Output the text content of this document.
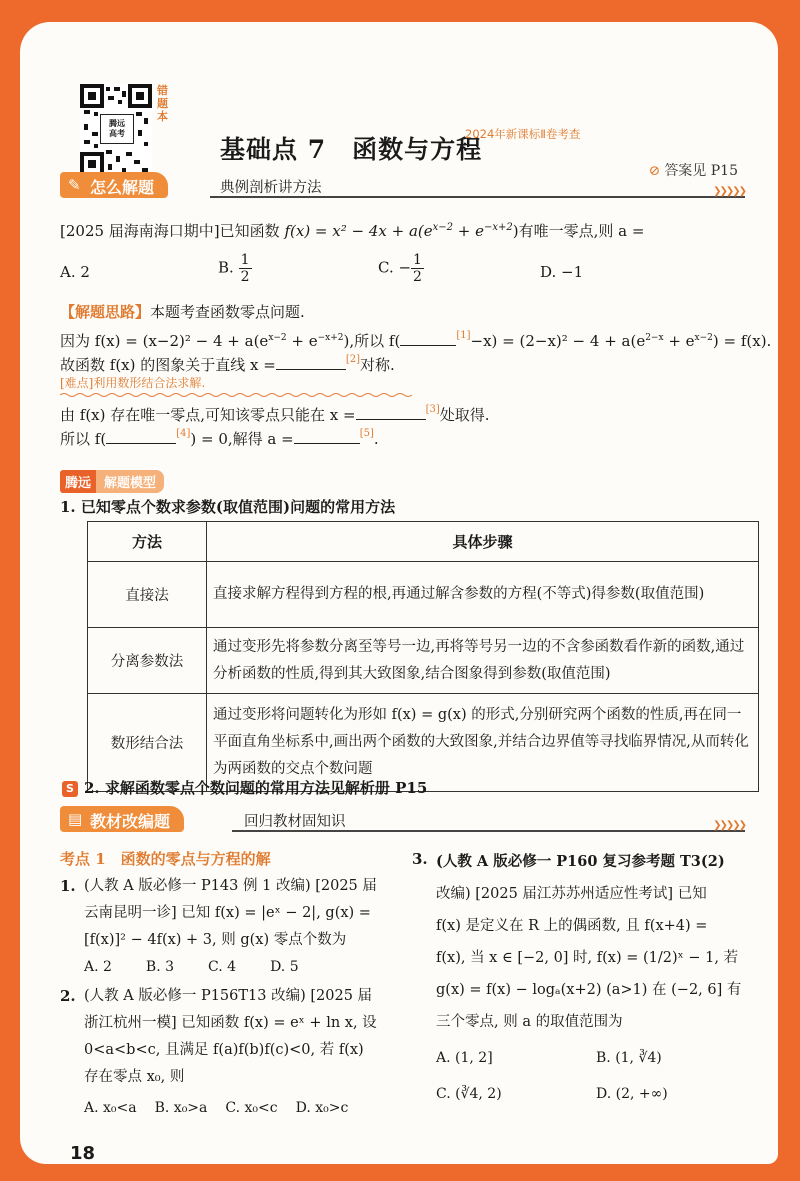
腾远
高考
错题本
基础点 7　函数与方程
2024年新课标Ⅱ卷考查
⊘ 答案见 P15
✎ 怎么解题	典例剖析讲方法	❯❯❯❯❯
[2025 届海南海口期中]已知函数 $f(x) = x^2 - 4x + a(e^{x-2} + e^{-x+2})$有唯一零点,则 a =
A. 2	B. $\frac{1}{2}$	C. − $\frac{1}{2}$	D. −1
【解题思路】本题考查函数零点问题.
因为 $f(x) = (x-2)^2 - 4 + a(e^{x-2} + e^{-x+2})$,所以 f(	$[1]-x) = (2-x)^2 - 4 + a(e^{2-x} + e^{x-2}) = f(x)$.
故函数 f(x) 的图象关于直线 x =	[2]对称.
[难点]利用数形结合法求解.
由 f(x) 存在唯一零点,可知该零点只能在 x =	[3]处取得.
所以 f(	[4]) = 0,解得 a =	[5].
腾远 解题模型
1. 已知零点个数求参数(取值范围)问题的常用方法
方法	具体步骤
直接法	直接求解方程得到方程的根,再通过解含参数的方程(不等式)得参数(取值范围)
分离参数法	通过变形先将参数分离至等号一边,再将等号另一边的不含参函数看作新的函数,通过分析函数的性质,得到其大致图象,结合图象得到参数(取值范围)
数形结合法	通过变形将问题转化为形如 f(x) = g(x) 的形式,分别研究两个函数的性质,再在同一平面直角坐标系中,画出两个函数的大致图象,并结合边界值等寻找临界情况,从而转化为两函数的交点个数问题
S 2. 求解函数零点个数问题的常用方法见解析册 P15
▤ 教材改编题	回归教材固知识	❯❯❯❯❯
考点 1　函数的零点与方程的解
1. (人教 A 版必修一 P143 例 1 改编) [2025 届
云南昆明一诊] 已知 f(x) = |eˣ − 2|, g(x) =
[f(x)]² − 4f(x) + 3, 则 g(x) 零点个数为
A. 2 B. 3 C. 4 D. 5
2. (人教 A 版必修一 P156T13 改编) [2025 届
浙江杭州一模] 已知函数 f(x) = eˣ + ln x, 设
0<a<b<c, 且满足 f(a)f(b)f(c)<0, 若 f(x)
存在零点 x₀, 则
A. x₀<a B. x₀>a C. x₀<c D. x₀>c
3. (人教 A 版必修一 P160 复习参考题 T3(2)
改编) [2025 届江苏苏州适应性考试] 已知
f(x) 是定义在 R 上的偶函数, 且 f(x+4) =
f(x), 当 x ∈ [−2, 0] 时, f(x) = (1/2)ˣ − 1, 若
g(x) = f(x) − logₐ(x+2) (a>1) 在 (−2, 6] 有
三个零点, 则 a 的取值范围为
A. (1, 2]	B. (1, ∛4)
C. (∛4, 2)	D. (2, +∞)
18
